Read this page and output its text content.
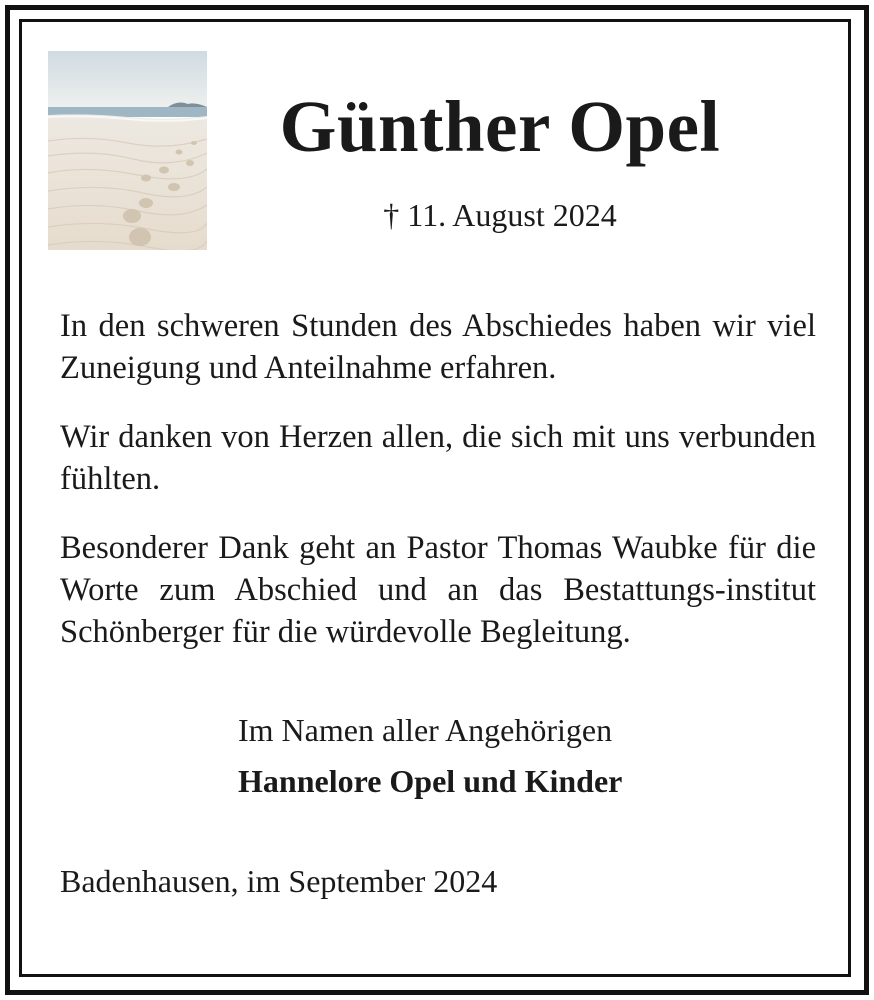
Günther Opel
† 11. August 2024

In den schweren Stunden des Abschiedes haben wir viel Zuneigung und Anteilnahme erfahren.

Wir danken von Herzen allen, die sich mit uns verbunden fühlten.

Besonderer Dank geht an Pastor Thomas Waubke für die Worte zum Abschied und an das Bestattungs-institut Schönberger für die würdevolle Begleitung.

Im Namen aller Angehörigen
Hannelore Opel und Kinder
Badenhausen, im September 2024
